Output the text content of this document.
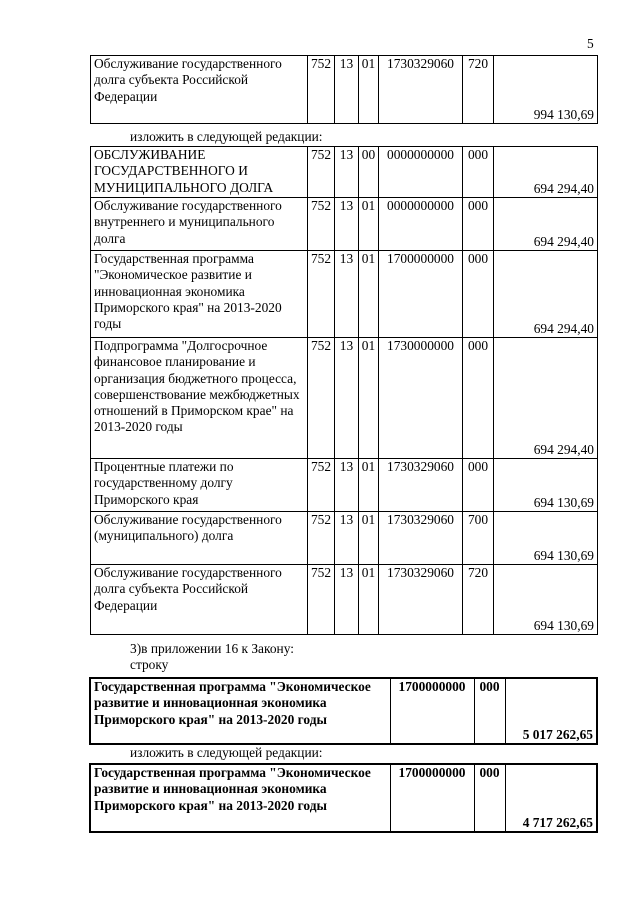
5
Обслуживание государственного долга субъекта Российской Федерации	752	13	01	1730329060	720	994 130,69
изложить в следующей редакции:
ОБСЛУЖИВАНИЕ ГОСУДАРСТВЕННОГО И МУНИЦИПАЛЬНОГО ДОЛГА	752	13	00	0000000000	000	694 294,40
Обслуживание государственного внутреннего и муниципального долга	752	13	01	0000000000	000	694 294,40
Государственная программа "Экономическое развитие и инновационная экономика Приморского края" на 2013-2020 годы	752	13	01	1700000000	000	694 294,40
Подпрограмма "Долгосрочное финансовое планирование и организация бюджетного процесса, совершенствование межбюджетных отношений в Приморском крае" на 2013-2020 годы	752	13	01	1730000000	000	694 294,40
Процентные платежи по государственному долгу Приморского края	752	13	01	1730329060	000	694 130,69
Обслуживание государственного (муниципального) долга	752	13	01	1730329060	700	694 130,69
Обслуживание государственного долга субъекта Российской Федерации	752	13	01	1730329060	720	694 130,69
3)в приложении 16 к Закону:
строку
Государственная программа "Экономическое развитие и инновационная экономика Приморского края" на 2013-2020 годы	1700000000	000	5 017 262,65
изложить в следующей редакции:
Государственная программа "Экономическое развитие и инновационная экономика Приморского края" на 2013-2020 годы	1700000000	000	4 717 262,65
